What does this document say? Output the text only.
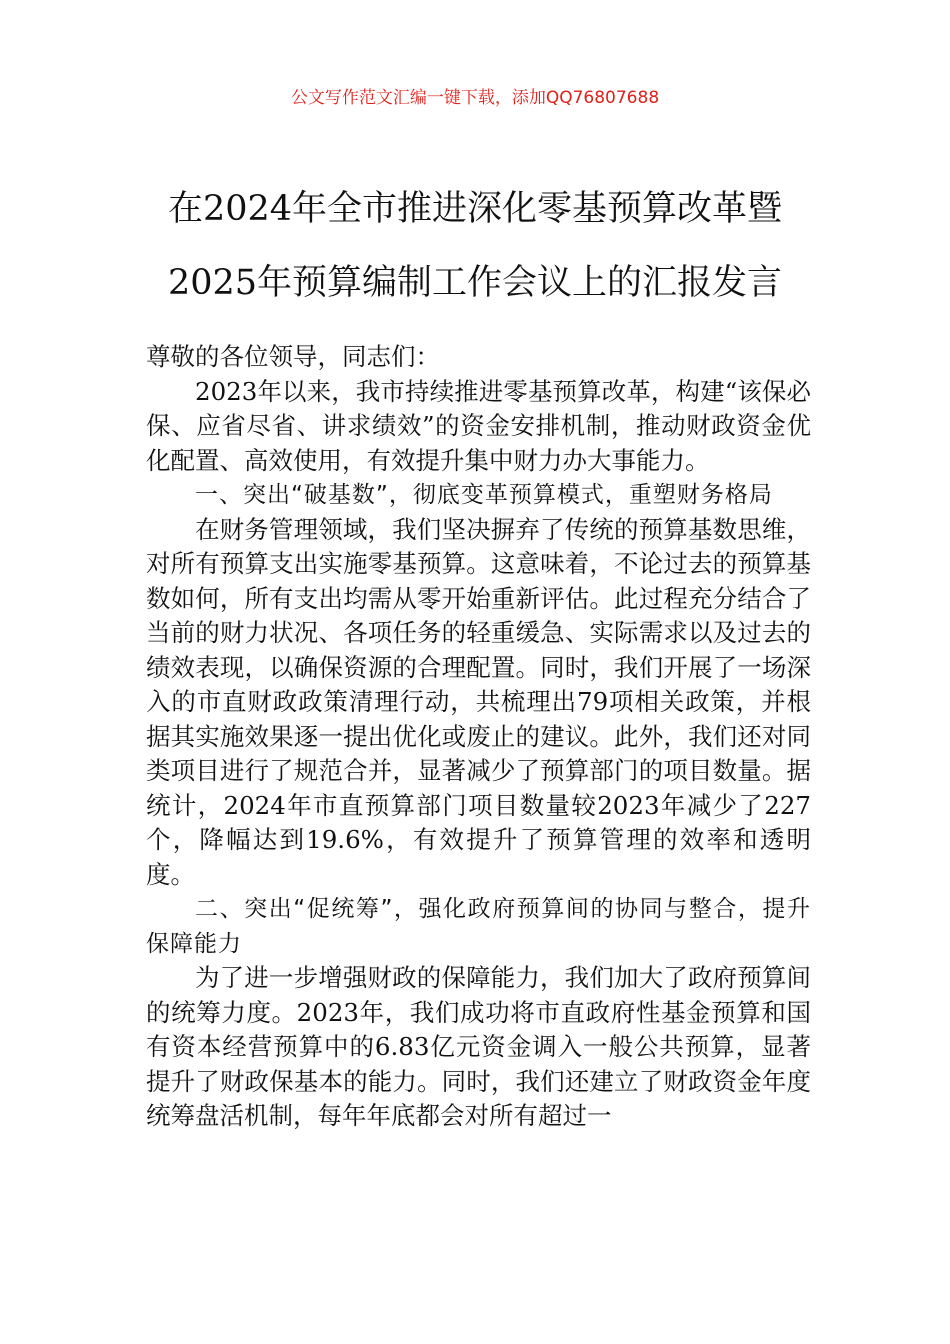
公文写作范文汇编一键下载，添加QQ76807688
在2024年全市推进深化零基预算改革暨
2025年预算编制工作会议上的汇报发言

尊敬的各位领导，同志们：

2023年以来，我市持续推进零基预算改革，构建“该保必保、应省尽省、讲求绩效”的资金安排机制，推动财政资金优化配置、高效使用，有效提升集中财力办大事能力。

一、突出“破基数”，彻底变革预算模式，重塑财务格局

在财务管理领域，我们坚决摒弃了传统的预算基数思维，对所有预算支出实施零基预算。这意味着，不论过去的预算基数如何，所有支出均需从零开始重新评估。此过程充分结合了当前的财力状况、各项任务的轻重缓急、实际需求以及过去的绩效表现，以确保资源的合理配置。同时，我们开展了一场深入的市直财政政策清理行动，共梳理出79项相关政策，并根据其实施效果逐一提出优化或废止的建议。此外，我们还对同类项目进行了规范合并，显著减少了预算部门的项目数量。据统计，2024年市直预算部门项目数量较2023年减少了227个，降幅达到19.6%，有效提升了预算管理的效率和透明度。

二、突出“促统筹”，强化政府预算间的协同与整合，提升保障能力

为了进一步增强财政的保障能力，我们加大了政府预算间的统筹力度。2023年，我们成功将市直政府性基金预算和国有资本经营预算中的6.83亿元资金调入一般公共预算，显著提升了财政保基本的能力。同时，我们还建立了财政资金年度统筹盘活机制，每年年底都会对所有超过一
